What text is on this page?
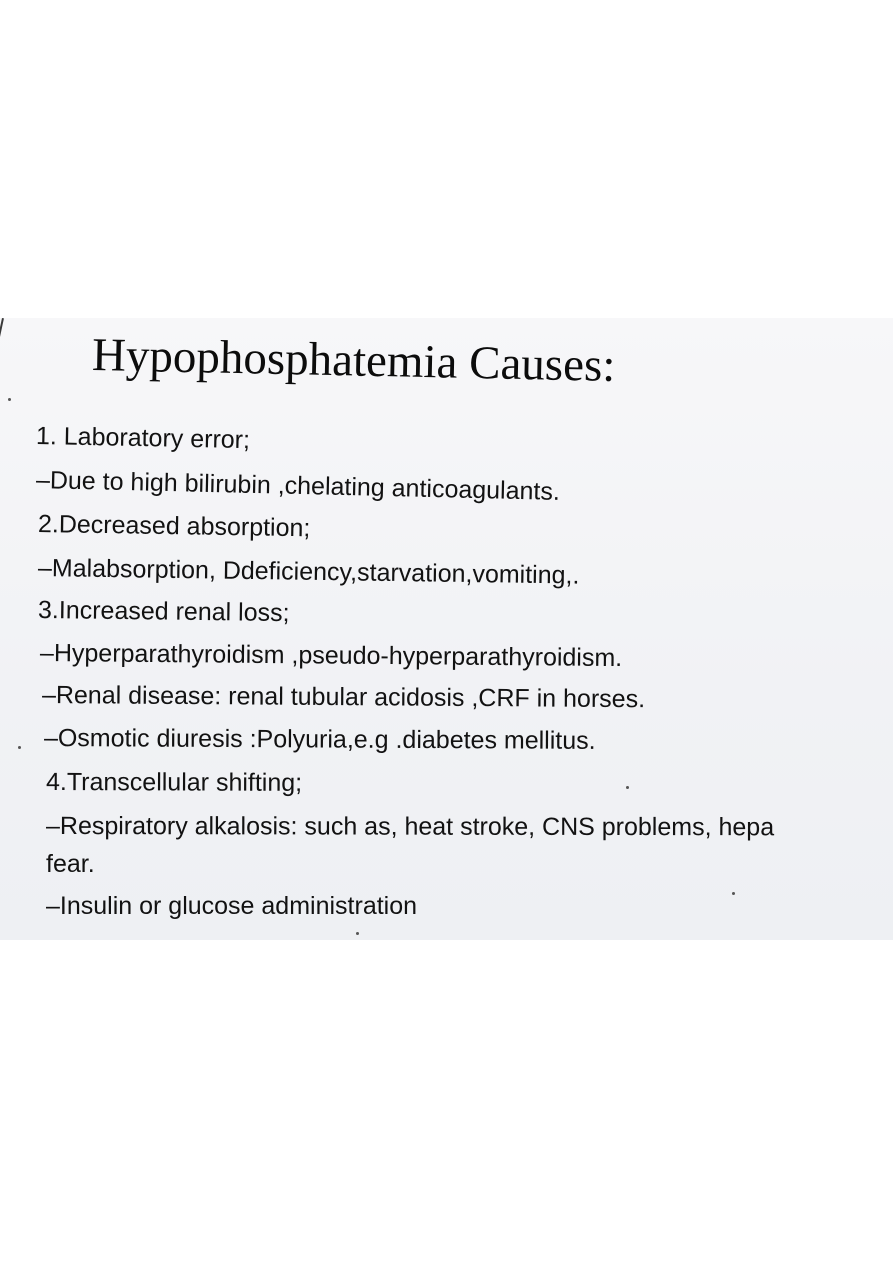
Hypophosphatemia Causes:
1. Laboratory error;
–Due to high bilirubin ,chelating anticoagulants.
2.Decreased absorption;
–Malabsorption, Ddeficiency,starvation,vomiting,.
3.Increased renal loss;
–Hyperparathyroidism ,pseudo-hyperparathyroidism.
–Renal disease: renal tubular acidosis ,CRF in horses.
–Osmotic diuresis :Polyuria,e.g .diabetes mellitus.
4.Transcellular shifting;
–Respiratory alkalosis: such as, heat stroke, CNS problems, hepa
fear.
–Insulin or glucose administration
